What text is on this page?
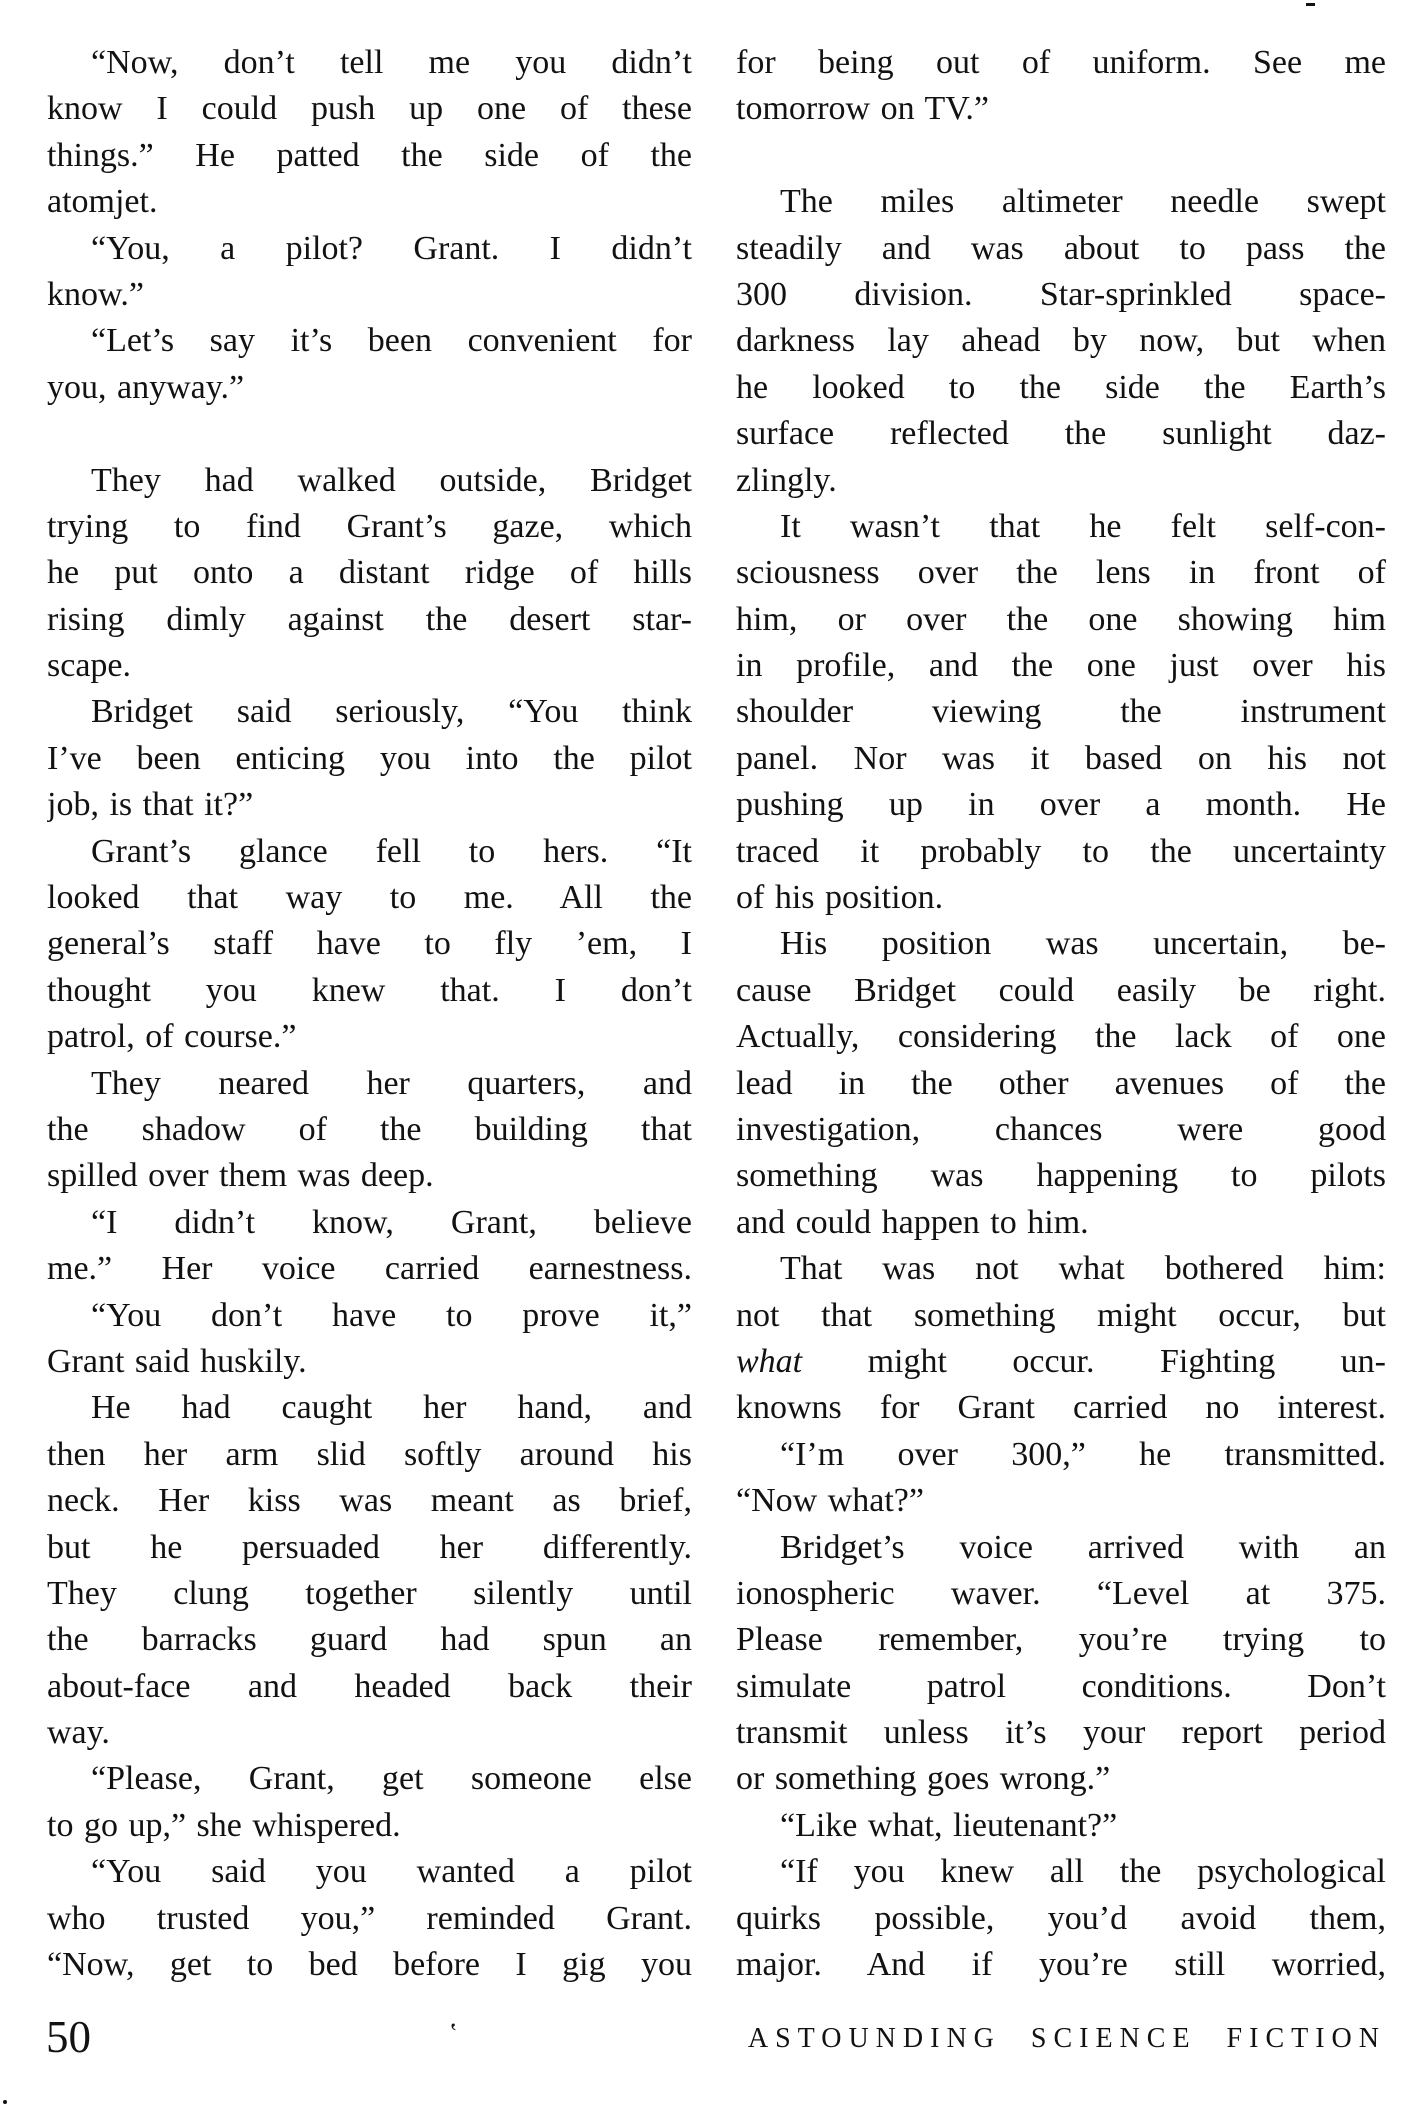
“Now, don’t tell me you didn’t
know I could push up one of these
things.” He patted the side of the
atomjet.
“You, a pilot? Grant. I didn’t
know.”
“Let’s say it’s been convenient for
you, anyway.”
They had walked outside, Bridget
trying to find Grant’s gaze, which
he put onto a distant ridge of hills
rising dimly against the desert star-
scape.
Bridget said seriously, “You think
I’ve been enticing you into the pilot
job, is that it?”
Grant’s glance fell to hers. “It
looked that way to me. All the
general’s staff have to fly ’em, I
thought you knew that. I don’t
patrol, of course.”
They neared her quarters, and
the shadow of the building that
spilled over them was deep.
“I didn’t know, Grant, believe
me.” Her voice carried earnestness.
“You don’t have to prove it,”
Grant said huskily.
He had caught her hand, and
then her arm slid softly around his
neck. Her kiss was meant as brief,
but he persuaded her differently.
They clung together silently until
the barracks guard had spun an
about-face and headed back their
way.
“Please, Grant, get someone else
to go up,” she whispered.
“You said you wanted a pilot
who trusted you,” reminded Grant.
“Now, get to bed before I gig you
for being out of uniform. See me
tomorrow on TV.”
The miles altimeter needle swept
steadily and was about to pass the
300 division. Star-sprinkled space-
darkness lay ahead by now, but when
he looked to the side the Earth’s
surface reflected the sunlight daz-
zlingly.
It wasn’t that he felt self-con-
sciousness over the lens in front of
him, or over the one showing him
in profile, and the one just over his
shoulder viewing the instrument
panel. Nor was it based on his not
pushing up in over a month. He
traced it probably to the uncertainty
of his position.
His position was uncertain, be-
cause Bridget could easily be right.
Actually, considering the lack of one
lead in the other avenues of the
investigation, chances were good
something was happening to pilots
and could happen to him.
That was not what bothered him:
not that something might occur, but
what might occur. Fighting un-
knowns for Grant carried no interest.
“I’m over 300,” he transmitted.
“Now what?”
Bridget’s voice arrived with an
ionospheric waver. “Level at 375.
Please remember, you’re trying to
simulate patrol conditions. Don’t
transmit unless it’s your report period
or something goes wrong.”
“Like what, lieutenant?”
“If you knew all the psychological
quirks possible, you’d avoid them,
major. And if you’re still worried,
50	ASTOUNDING SCIENCE FICTION
‛
